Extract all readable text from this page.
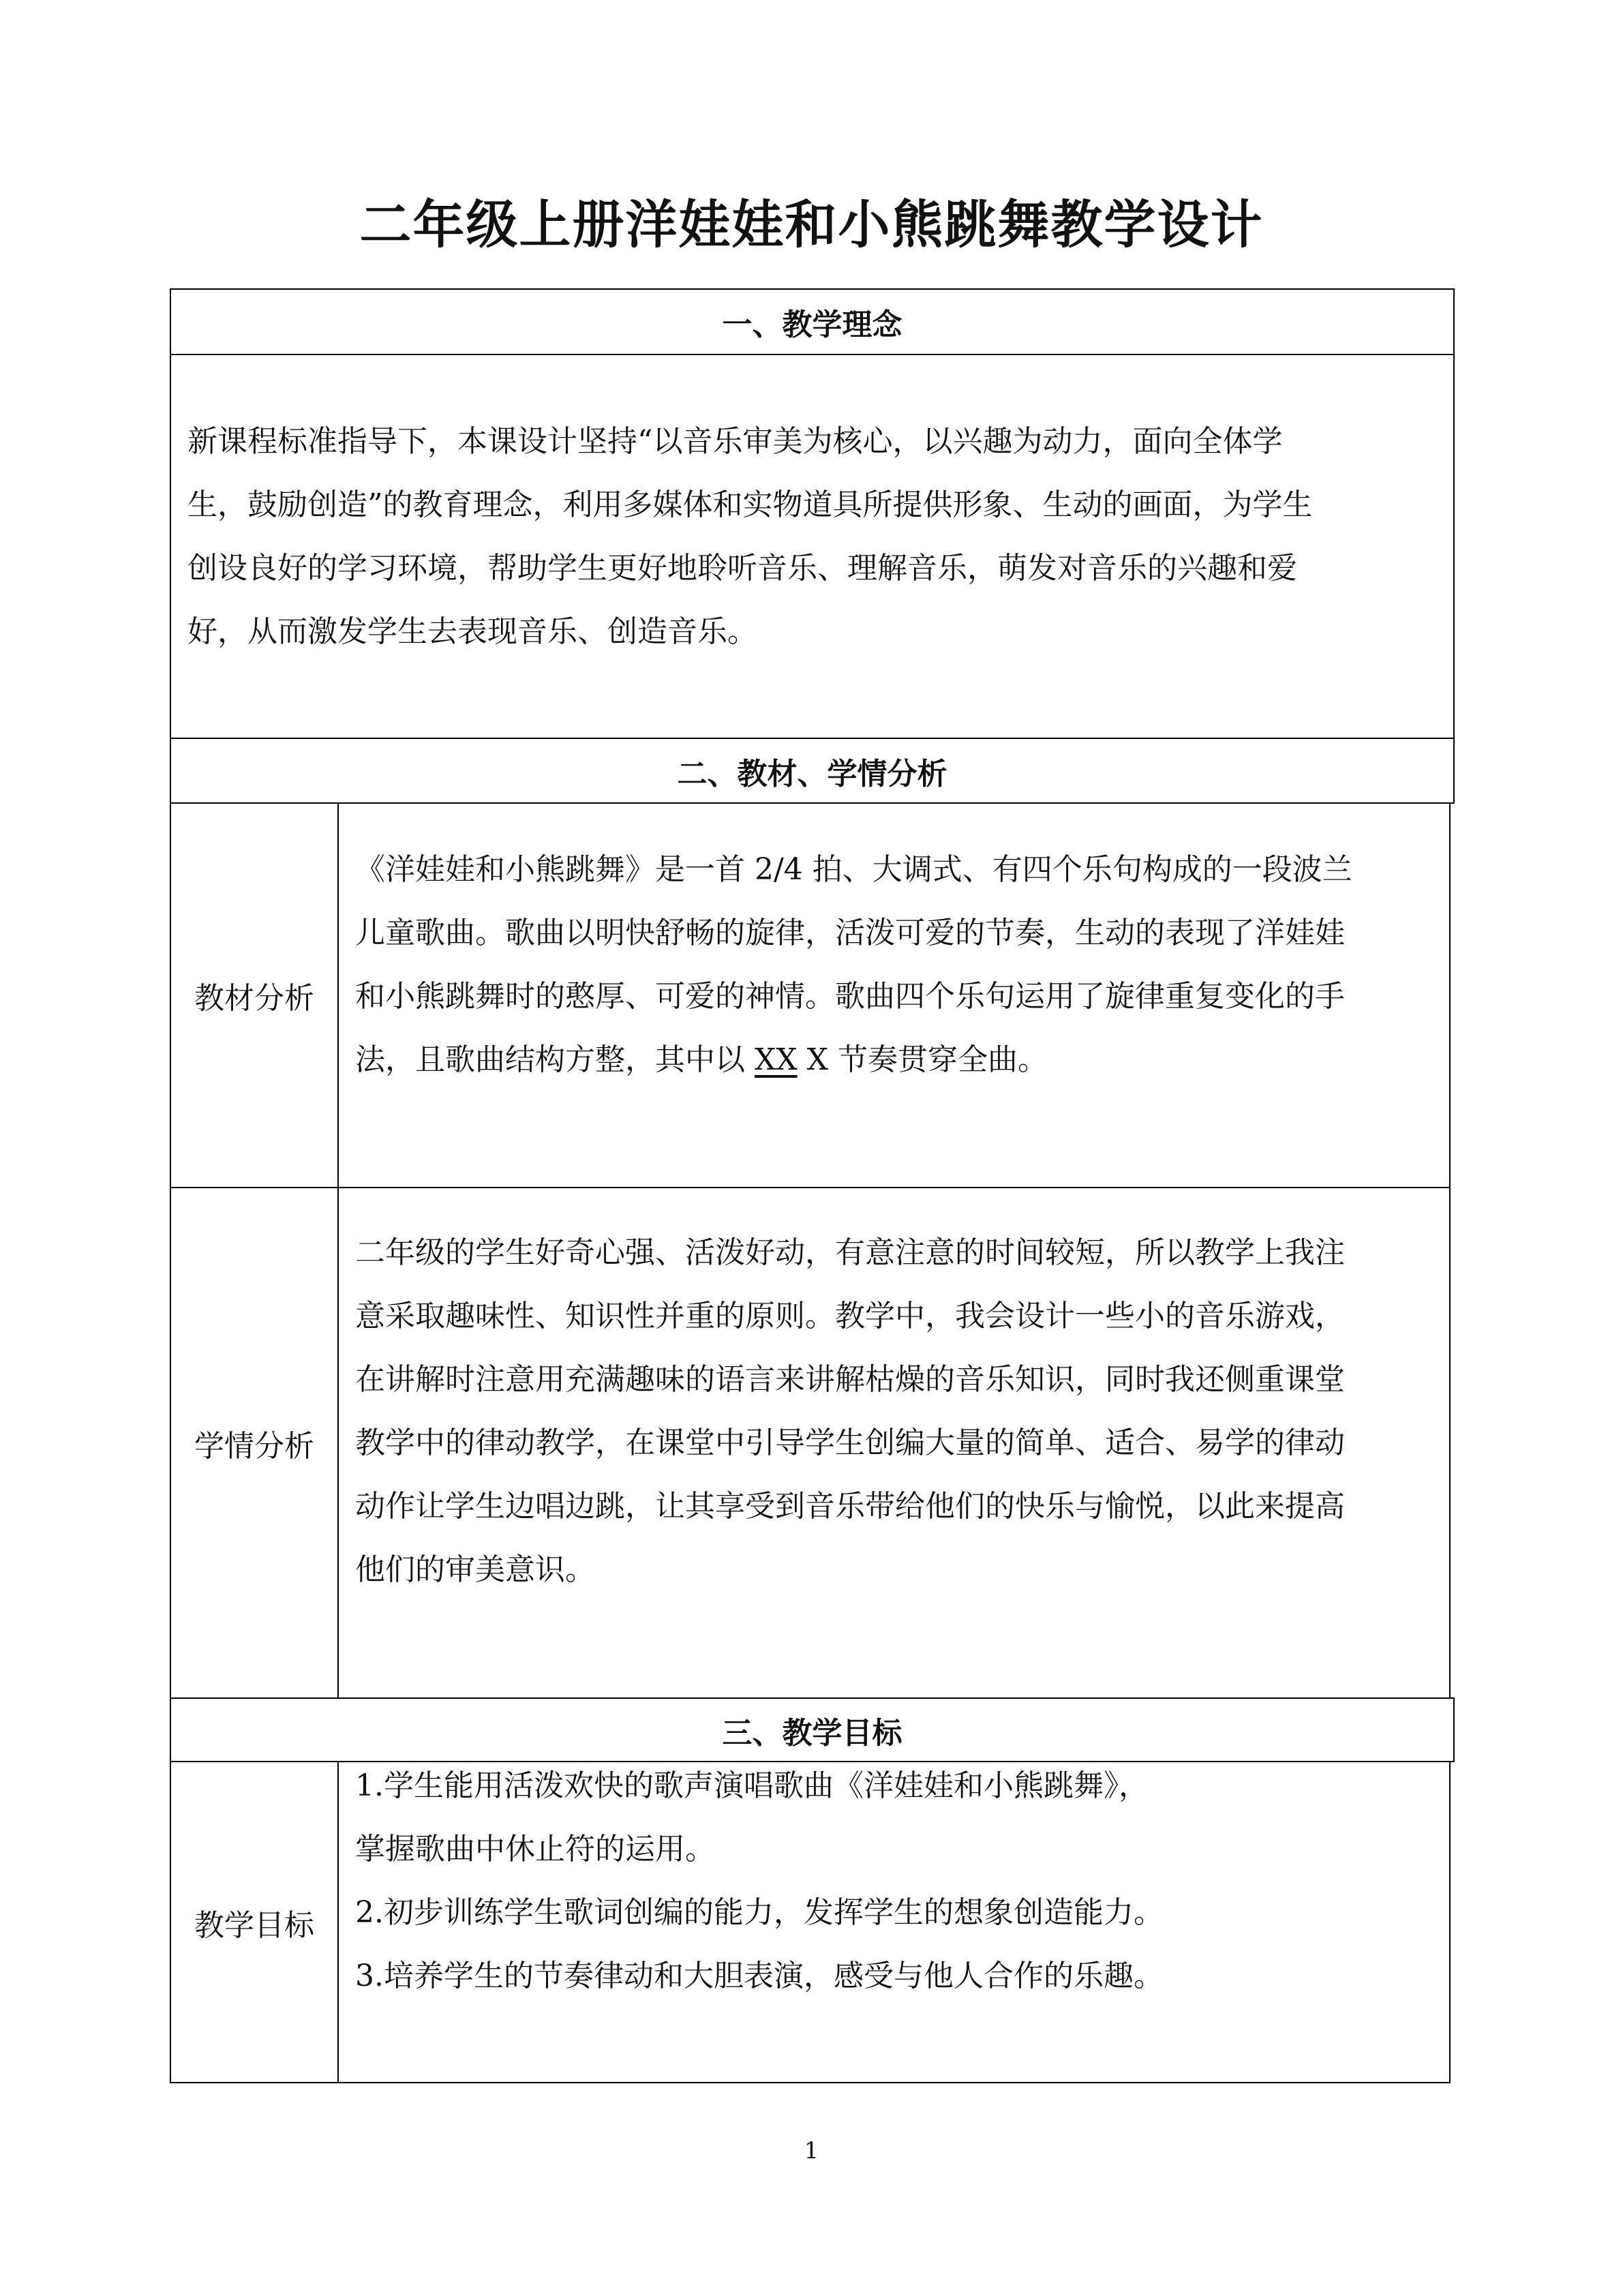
二年级上册洋娃娃和小熊跳舞教学设计
一、教学理念

新课程标准指导下，本课设计坚持“以音乐审美为核心，以兴趣为动力，面向全体学

生，鼓励创造”的教育理念，利用多媒体和实物道具所提供形象、生动的画面，为学生

创设良好的学习环境，帮助学生更好地聆听音乐、理解音乐，萌发对音乐的兴趣和爱

好，从而激发学生去表现音乐、创造音乐。

二、教材、学情分析
教材分析

《洋娃娃和小熊跳舞》是一首 2/4 拍、大调式、有四个乐句构成的一段波兰

儿童歌曲。歌曲以明快舒畅的旋律，活泼可爱的节奏，生动的表现了洋娃娃

和小熊跳舞时的憨厚、可爱的神情。歌曲四个乐句运用了旋律重复变化的手

法，且歌曲结构方整，其中以 XX X 节奏贯穿全曲。

学情分析

二年级的学生好奇心强、活泼好动，有意注意的时间较短，所以教学上我注

意采取趣味性、知识性并重的原则。教学中，我会设计一些小的音乐游戏，

在讲解时注意用充满趣味的语言来讲解枯燥的音乐知识，同时我还侧重课堂

教学中的律动教学，在课堂中引导学生创编大量的简单、适合、易学的律动

动作让学生边唱边跳，让其享受到音乐带给他们的快乐与愉悦，以此来提高

他们的审美意识。

三、教学目标
教学目标

1.学生能用活泼欢快的歌声演唱歌曲《洋娃娃和小熊跳舞》，

掌握歌曲中休止符的运用。

2.初步训练学生歌词创编的能力，发挥学生的想象创造能力。

3.培养学生的节奏律动和大胆表演，感受与他人合作的乐趣。

1
